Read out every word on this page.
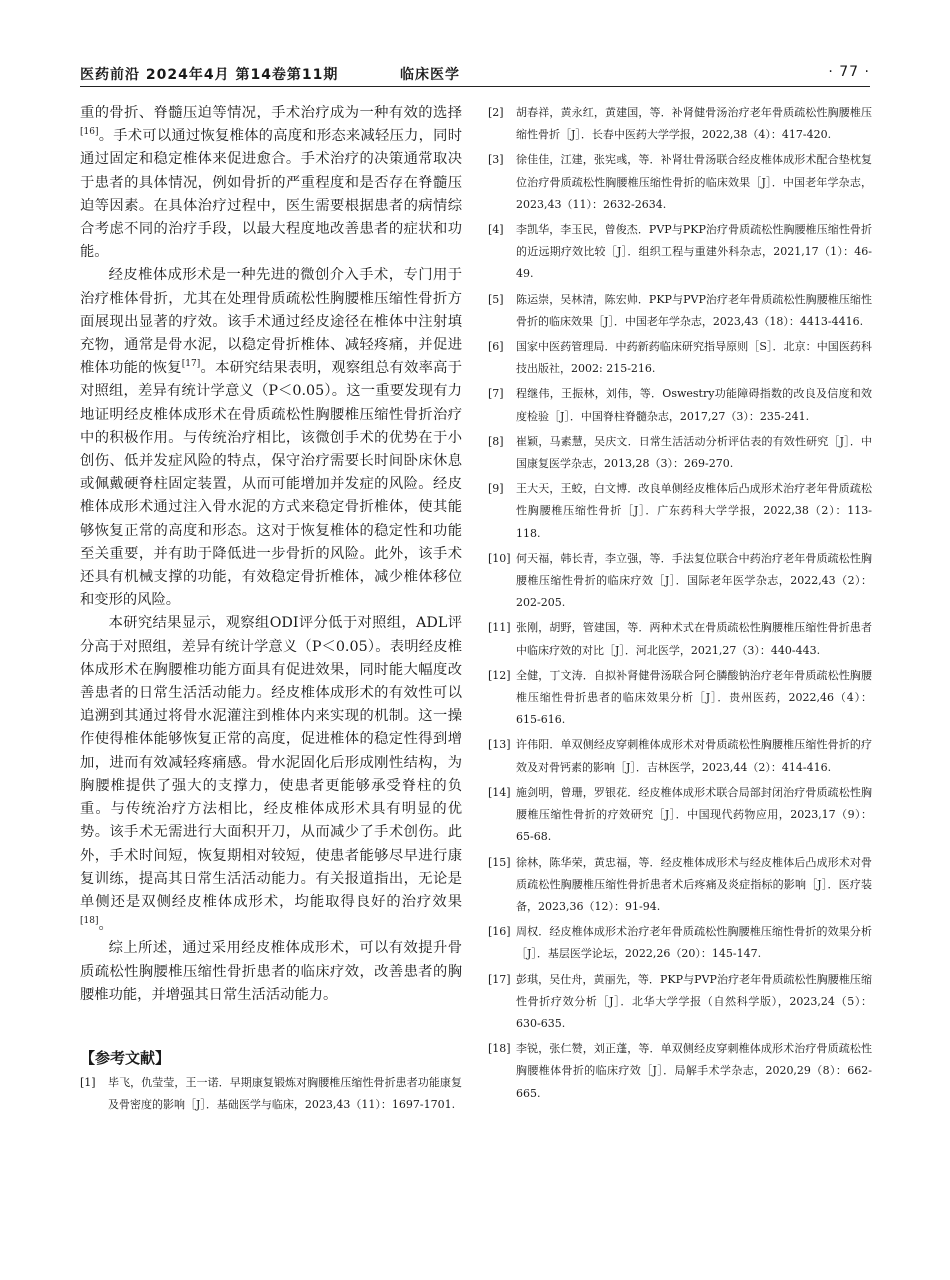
医药前沿 2024年4月 第14卷第11期	临床医学	· 77 ·

重的骨折、脊髓压迫等情况，手术治疗成为一种有效的选择[16]。手术可以通过恢复椎体的高度和形态来减轻压力，同时通过固定和稳定椎体来促进愈合。手术治疗的决策通常取决于患者的具体情况，例如骨折的严重程度和是否存在脊髓压迫等因素。在具体治疗过程中，医生需要根据患者的病情综合考虑不同的治疗手段，以最大程度地改善患者的症状和功能。

经皮椎体成形术是一种先进的微创介入手术，专门用于治疗椎体骨折，尤其在处理骨质疏松性胸腰椎压缩性骨折方面展现出显著的疗效。该手术通过经皮途径在椎体中注射填充物，通常是骨水泥，以稳定骨折椎体、减轻疼痛，并促进椎体功能的恢复[17]。本研究结果表明，观察组总有效率高于对照组，差异有统计学意义（P＜0.05）。这一重要发现有力地证明经皮椎体成形术在骨质疏松性胸腰椎压缩性骨折治疗中的积极作用。与传统治疗相比，该微创手术的优势在于小创伤、低并发症风险的特点，保守治疗需要长时间卧床休息或佩戴硬脊柱固定装置，从而可能增加并发症的风险。经皮椎体成形术通过注入骨水泥的方式来稳定骨折椎体，使其能够恢复正常的高度和形态。这对于恢复椎体的稳定性和功能至关重要，并有助于降低进一步骨折的风险。此外，该手术还具有机械支撑的功能，有效稳定骨折椎体，减少椎体移位和变形的风险。

本研究结果显示，观察组ODI评分低于对照组，ADL评分高于对照组，差异有统计学意义（P＜0.05）。表明经皮椎体成形术在胸腰椎功能方面具有促进效果，同时能大幅度改善患者的日常生活活动能力。经皮椎体成形术的有效性可以追溯到其通过将骨水泥灌注到椎体内来实现的机制。这一操作使得椎体能够恢复正常的高度，促进椎体的稳定性得到增加，进而有效减轻疼痛感。骨水泥固化后形成刚性结构，为胸腰椎提供了强大的支撑力，使患者更能够承受脊柱的负重。与传统治疗方法相比，经皮椎体成形术具有明显的优势。该手术无需进行大面积开刀，从而减少了手术创伤。此外，手术时间短，恢复期相对较短，使患者能够尽早进行康复训练，提高其日常生活活动能力。有关报道指出，无论是单侧还是双侧经皮椎体成形术，均能取得良好的治疗效果[18]。

综上所述，通过采用经皮椎体成形术，可以有效提升骨质疏松性胸腰椎压缩性骨折患者的临床疗效，改善患者的胸腰椎功能，并增强其日常生活活动能力。

【参考文献】
[1] 毕飞，仇莹莹，王一诺．早期康复锻炼对胸腰椎压缩性骨折患者功能康复及骨密度的影响［J］．基础医学与临床，2023,43（11）：1697-1701.
[2] 胡春祥，黄永红，黄建国，等．补肾健骨汤治疗老年骨质疏松性胸腰椎压缩性骨折［J］．长春中医药大学学报，2022,38（4）：417-420.
[3] 徐佳佳，江建，张宪彧，等．补肾壮骨汤联合经皮椎体成形术配合垫枕复位治疗骨质疏松性胸腰椎压缩性骨折的临床效果［J］．中国老年学杂志，2023,43（11）：2632-2634.
[4] 李凯华，李玉民，曾俊杰．PVP与PKP治疗骨质疏松性胸腰椎压缩性骨折的近远期疗效比较［J］．组织工程与重建外科杂志，2021,17（1）：46-49.
[5] 陈运崇，吴林清，陈宏帅．PKP与PVP治疗老年骨质疏松性胸腰椎压缩性骨折的临床效果［J］．中国老年学杂志，2023,43（18）：4413-4416.
[6] 国家中医药管理局．中药新药临床研究指导原则［S］．北京：中国医药科技出版社，2002: 215-216.
[7] 程继伟，王振林，刘伟，等．Oswestry功能障碍指数的改良及信度和效度检验［J］．中国脊柱脊髓杂志，2017,27（3）：235-241.
[8] 崔颖，马素慧，吴庆文．日常生活活动分析评估表的有效性研究［J］．中国康复医学杂志，2013,28（3）：269-270.
[9] 王大天，王蛟，白文博．改良单侧经皮椎体后凸成形术治疗老年骨质疏松性胸腰椎压缩性骨折［J］．广东药科大学学报，2022,38（2）：113-118.
[10] 何天福，韩长青，李立强，等．手法复位联合中药治疗老年骨质疏松性胸腰椎压缩性骨折的临床疗效［J］．国际老年医学杂志，2022,43（2）：202-205.
[11] 张刚，胡野，管建国，等．两种术式在骨质疏松性胸腰椎压缩性骨折患者中临床疗效的对比［J］．河北医学，2021,27（3）：440-443.
[12] 全健，丁文涛．自拟补肾健骨汤联合阿仑膦酸钠治疗老年骨质疏松性胸腰椎压缩性骨折患者的临床效果分析［J］．贵州医药，2022,46（4）：615-616.
[13] 许伟阳．单双侧经皮穿刺椎体成形术对骨质疏松性胸腰椎压缩性骨折的疗效及对骨钙素的影响［J］．吉林医学，2023,44（2）：414-416.
[14] 施剑明，曾珊，罗银花．经皮椎体成形术联合局部封闭治疗骨质疏松性胸腰椎压缩性骨折的疗效研究［J］．中国现代药物应用，2023,17（9）：65-68.
[15] 徐林，陈华荣，黄忠福，等．经皮椎体成形术与经皮椎体后凸成形术对骨质疏松性胸腰椎压缩性骨折患者术后疼痛及炎症指标的影响［J］．医疗装备，2023,36（12）：91-94.
[16] 周权．经皮椎体成形术治疗老年骨质疏松性胸腰椎压缩性骨折的效果分析［J］．基层医学论坛，2022,26（20）：145-147.
[17] 彭琪，吴仕舟，黄丽先，等．PKP与PVP治疗老年骨质疏松性胸腰椎压缩性骨折疗效分析［J］．北华大学学报（自然科学版），2023,24（5）：630-635.
[18] 李锐，张仁赞，刘正蓬，等．单双侧经皮穿刺椎体成形术治疗骨质疏松性胸腰椎体骨折的临床疗效［J］．局解手术学杂志，2020,29（8）：662-665.
